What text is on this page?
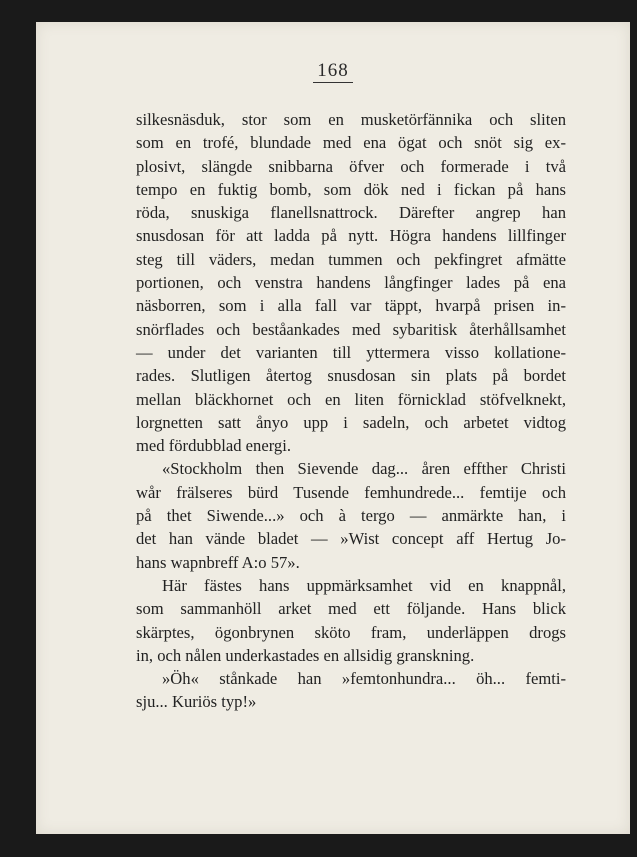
168
silkesnäsduk, stor som en musketörfännika och sliten
som en trofé, blundade med ena ögat och snöt sig ex-
plosivt, slängde snibbarna öfver och formerade i två
tempo en fuktig bomb, som dök ned i fickan på hans
röda, snuskiga flanellsnattrock. Därefter angrep han
snusdosan för att ladda på nytt. Högra handens lillfinger
steg till väders, medan tummen och pekfingret afmätte
portionen, och venstra handens långfinger lades på ena
näsborren, som i alla fall var täppt, hvarpå prisen in-
snörflades och beståankades med sybaritisk återhållsamhet
— under det varianten till yttermera visso kollatione-
rades. Slutligen återtog snusdosan sin plats på bordet
mellan bläckhornet och en liten förnicklad stöfvelknekt,
lorgnetten satt ånyo upp i sadeln, och arbetet vidtog
med fördubblad energi.
«Stockholm then Sievende dag... åren effther Christi
wår frälseres bürd Tusende femhundrede... femtije och
på thet Siwende...» och à tergo — anmärkte han, i
det han vände bladet — »Wist concept aff Hertug Jo-
hans wapnbreff A:o 57».
Här fästes hans uppmärksamhet vid en knappnål,
som sammanhöll arket med ett följande. Hans blick
skärptes, ögonbrynen sköto fram, underläppen drogs
in, och nålen underkastades en allsidig granskning.
»Öh« stånkade han »femtonhundra... öh... femti-
sju... Kuriös typ!»
